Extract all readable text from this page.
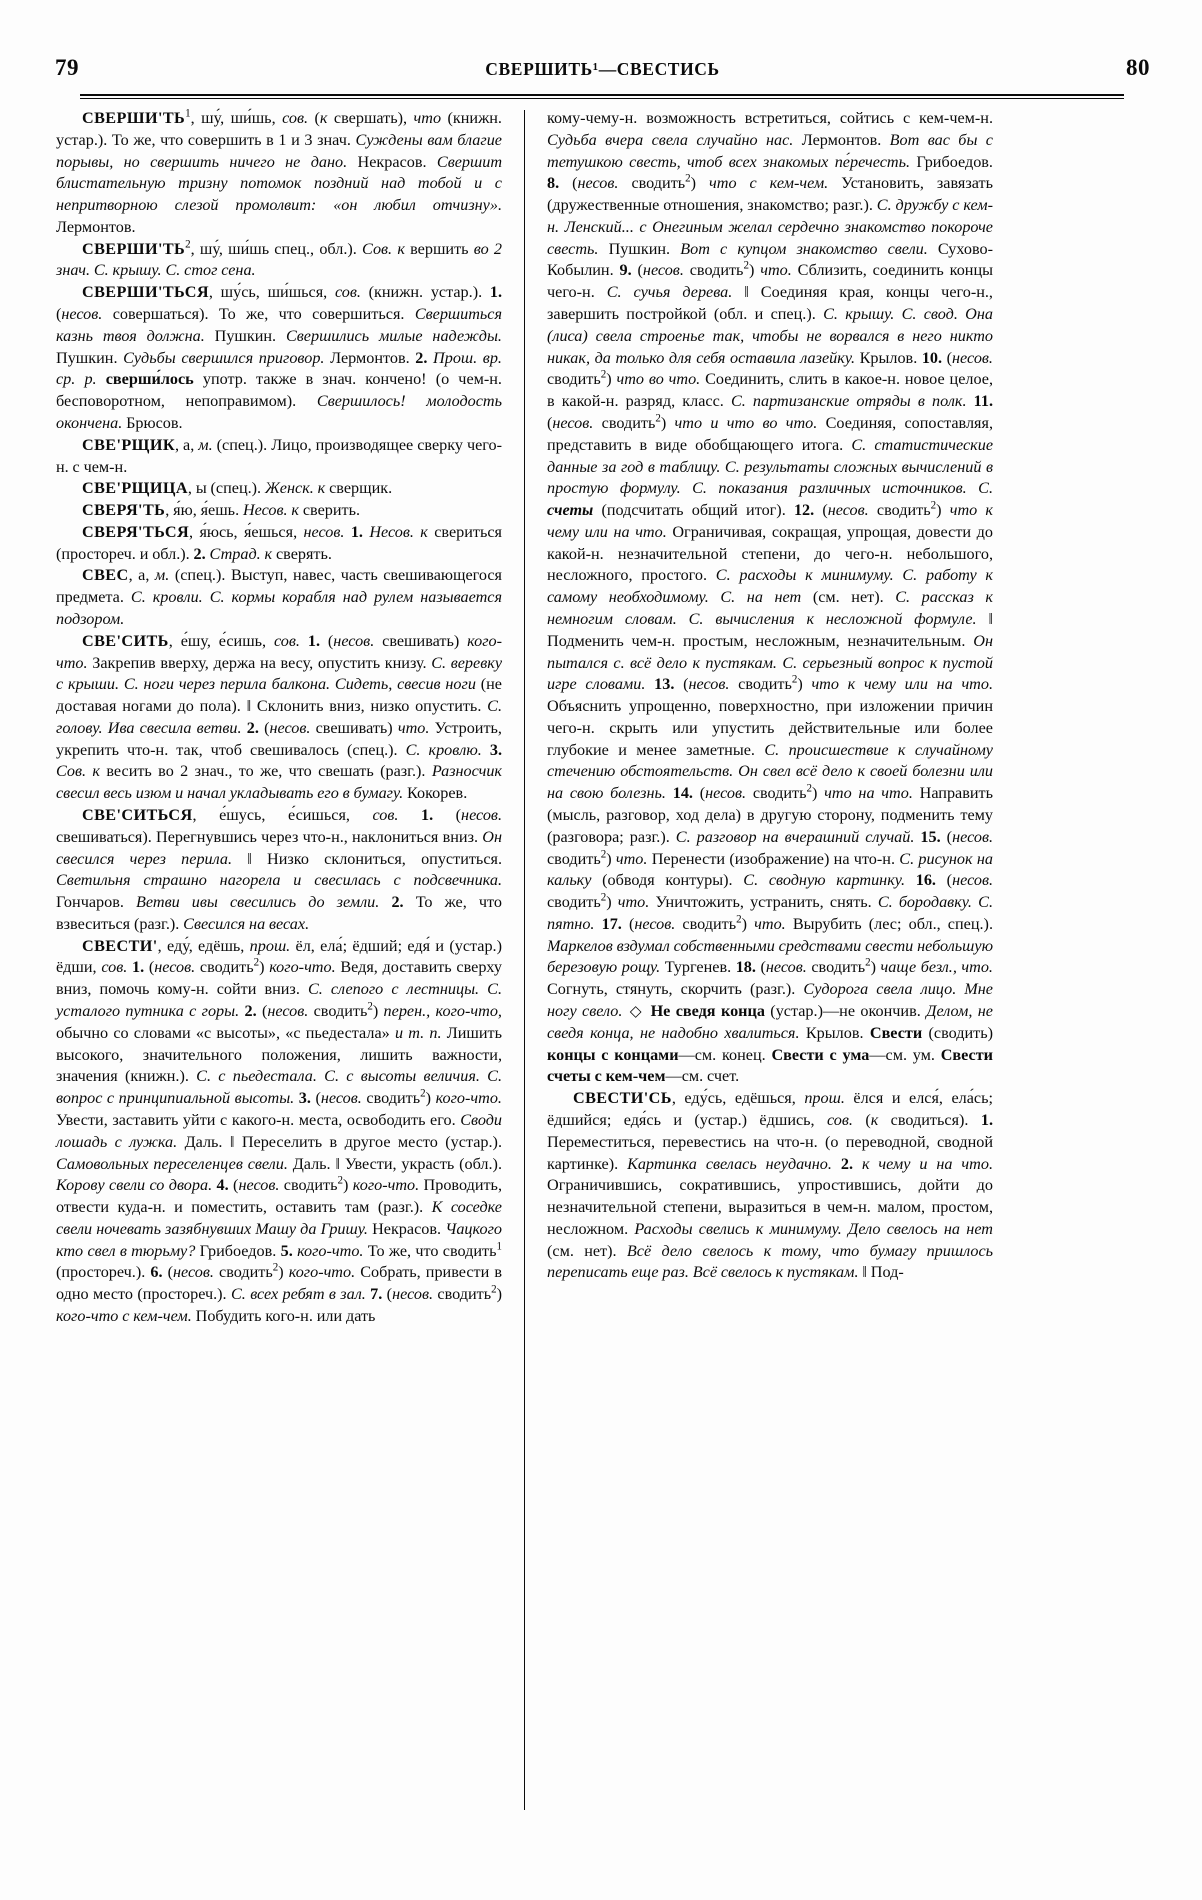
79	СВЕРШИТЬ¹—СВЕСТИСЬ	80

$СВЕРШИ'ТЬ^1$, шу́, ши́шь, сов. (к свершать), что (книжн. устар.). То же, что совершить в 1 и 3 знач. Суждены вам благие порывы, но свершить ничего не дано. Некрасов. Свершит блистательную тризну потомок поздний над тобой и с непритворною слезой промолвит: «он любил отчизну». Лермонтов.

$СВЕРШИ'ТЬ^2$, шу́, ши́шь спец., обл.). Сов. к вершить во 2 знач. С. крышу. С. стог сена.

СВЕРШИ'ТЬСЯ, шу́сь, ши́шься, сов. (книжн. устар.). 1. (несов. совершаться). То же, что совершиться. Свершиться казнь твоя должна. Пушкин. Свершились милые надежды. Пушкин. Судьбы свершился приговор. Лермонтов. 2. Прош. вр. ср. р. сверши́лось употр. также в знач. кончено! (о чем-н. бесповоротном, непоправимом). Свершилось! молодость окончена. Брюсов.

СВЕ'РЩИК, а, м. (спец.). Лицо, производящее сверку чего-н. с чем-н.

СВЕ'РЩИЦА, ы (спец.). Женск. к сверщик.

СВЕРЯ'ТЬ, я́ю, я́ешь. Несов. к сверить.

СВЕРЯ'ТЬСЯ, я́юсь, я́ешься, несов. 1. Несов. к свериться (простореч. и обл.). 2. Страд. к сверять.

СВЕС, а, м. (спец.). Выступ, навес, часть свешивающегося предмета. С. кровли. С. кормы корабля над рулем называется подзором.

СВЕ'СИТЬ, е́шу, е́сишь, сов. 1. (несов. свешивать) кого-что. Закрепив вверху, держа на весу, опустить книзу. С. веревку с крыши. С. ноги через перила балкона. Сидеть, свесив ноги (не доставая ногами до пола). ‖ Склонить вниз, низко опустить. С. голову. Ива свесила ветви. 2. (несов. свешивать) что. Устроить, укрепить что-н. так, чтоб свешивалось (спец.). С. кровлю. 3. Сов. к весить во 2 знач., то же, что свешать (разг.). Разносчик свесил весь изюм и начал укладывать его в бумагу. Кокорев.

СВЕ'СИТЬСЯ, е́шусь, е́сишься, сов. 1. (несов. свешиваться). Перегнувшись через что-н., наклониться вниз. Он свесился через перила. ‖ Низко склониться, опуститься. Светильня страшно нагорела и свесилась с подсвечника. Гончаров. Ветви ивы свесились до земли. 2. То же, что взвеситься (разг.). Свесился на весах.

СВЕСТИ', еду́, едёшь, прош. ёл, ела́; ёдший; едя́ и (устар.) ёдши, сов. 1. (несов. сводить$^2$) кого-что. Ведя, доставить сверху вниз, помочь кому-н. сойти вниз. С. слепого с лестницы. С. усталого путника с горы. 2. (несов. сводить$^2$) перен., кого-что, обычно со словами «с высоты», «с пьедестала» и т. п. Лишить высокого, значительного положения, лишить важности, значения (книжн.). С. с пьедестала. С. с высоты величия. С. вопрос с принципиальной высоты. 3. (несов. сводить$^2$) кого-что. Увести, заставить уйти с какого-н. места, освободить его. Своди лошадь с лужка. Даль. ‖ Переселить в другое место (устар.). Самовольных переселенцев свели. Даль. ‖ Увести, украсть (обл.). Корову свели со двора. 4. (несов. сводить$^2$) кого-что. Проводить, отвести куда-н. и поместить, оставить там (разг.). К соседке свели ночевать зазябнувших Машу да Гришу. Некрасов. Чацкого кто свел в тюрьму? Грибоедов. 5. кого-что. То же, что сводить$^1$ (простореч.). 6. (несов. сводить$^2$) кого-что. Собрать, привести в одно место (простореч.). С. всех ребят в зал. 7. (несов. сводить$^2$) кого-что с кем-чем. Побудить кого-н. или дать

кому-чему-н. возможность встретиться, сойтись с кем-чем-н. Судьба вчера свела случайно нас. Лермонтов. Вот вас бы с тетушкою свесть, чтоб всех знакомых пе́речесть. Грибоедов. 8. (несов. сводить$^2$) что с кем-чем. Установить, завязать (дружественные отношения, знакомство; разг.). С. дружбу с кем-н. Ленский... с Онегиным желал сердечно знакомство покороче свесть. Пушкин. Вот с купцом знакомство свели. Сухово-Кобылин. 9. (несов. сводить$^2$) что. Сблизить, соединить концы чего-н. С. сучья дерева. ‖ Соединяя края, концы чего-н., завершить постройкой (обл. и спец.). С. крышу. С. свод. Она (лиса) свела строенье так, чтобы не ворвался в него никто никак, да только для себя оставила лазейку. Крылов. 10. (несов. сводить$^2$) что во что. Соединить, слить в какое-н. новое целое, в какой-н. разряд, класс. С. партизанские отряды в полк. 11. (несов. сводить$^2$) что и что во что. Соединяя, сопоставляя, представить в виде обобщающего итога. С. статистические данные за год в таблицу. С. результаты сложных вычислений в простую формулу. С. показания различных источников. С. счеты (подсчитать общий итог). 12. (несов. сводить$^2$) что к чему или на что. Ограничивая, сокращая, упрощая, довести до какой-н. незначительной степени, до чего-н. небольшого, несложного, простого. С. расходы к минимуму. С. работу к самому необходимому. С. на нет (см. нет). С. рассказ к немногим словам. С. вычисления к несложной формуле. ‖ Подменить чем-н. простым, несложным, незначительным. Он пытался с. всё дело к пустякам. С. серьезный вопрос к пустой игре словами. 13. (несов. сводить$^2$) что к чему или на что. Объяснить упрощенно, поверхностно, при изложении причин чего-н. скрыть или упустить действительные или более глубокие и менее заметные. С. происшествие к случайному стечению обстоятельств. Он свел всё дело к своей болезни или на свою болезнь. 14. (несов. сводить$^2$) что на что. Направить (мысль, разговор, ход дела) в другую сторону, подменить тему (разговора; разг.). С. разговор на вчерашний случай. 15. (несов. сводить$^2$) что. Перенести (изображение) на что-н. С. рисунок на кальку (обводя контуры). С. сводную картинку. 16. (несов. сводить$^2$) что. Уничтожить, устранить, снять. С. бородавку. С. пятно. 17. (несов. сводить$^2$) что. Вырубить (лес; обл., спец.). Маркелов вздумал собственными средствами свести небольшую березовую рощу. Тургенев. 18. (несов. сводить$^2$) чаще безл., что. Согнуть, стянуть, скорчить (разг.). Судорога свела лицо. Мне ногу свело. ◇ Не сведя конца (устар.)—не окончив. Делом, не сведя конца, не надобно хвалиться. Крылов. Свести (сводить) концы с концами—см. конец. Свести с ума—см. ум. Свести счеты с кем-чем—см. счет.

СВЕСТИ'СЬ, еду́сь, едёшься, прош. ёлся и елся́, ела́сь; ёдшийся; едя́сь и (устар.) ёдшись, сов. (к сводиться). 1. Переместиться, перевестись на что-н. (о переводной, сводной картинке). Картинка свелась неудачно. 2. к чему и на что. Ограничившись, сократившись, упростившись, дойти до незначительной степени, выразиться в чем-н. малом, простом, несложном. Расходы свелись к минимуму. Дело свелось на нет (см. нет). Всё дело свелось к тому, что бумагу пришлось переписать еще раз. Всё свелось к пустякам. ‖ Под-
